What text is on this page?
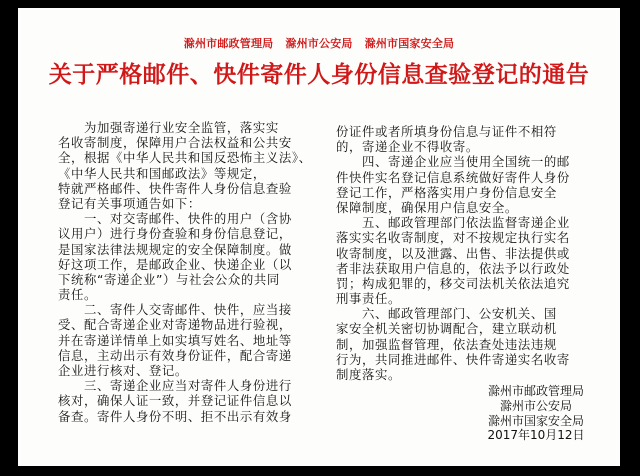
滁州市邮政管理局 滁州市公安局 滁州市国家安全局
关于严格邮件、快件寄件人身份信息查验登记的通告
　　为加强寄递行业安全监管，落实实
名收寄制度，保障用户合法权益和公共安
全，根据《中华人民共和国反恐怖主义法》、
《中华人民共和国邮政法》等规定，
特就严格邮件、快件寄件人身份信息查验
登记有关事项通告如下：
　　一、对交寄邮件、快件的用户（含协
议用户）进行身份查验和身份信息登记，
是国家法律法规规定的安全保障制度。做
好这项工作，是邮政企业、快递企业（以
下统称“寄递企业”）与社会公众的共同
责任。
　　二、寄件人交寄邮件、快件，应当接
受、配合寄递企业对寄递物品进行验视，
并在寄递详情单上如实填写姓名、地址等
信息，主动出示有效身份证件，配合寄递
企业进行核对、登记。
　　三、寄递企业应当对寄件人身份进行
核对，确保人证一致，并登记证件信息以
备查。寄件人身份不明、拒不出示有效身
份证件或者所填身份信息与证件不相符
的，寄递企业不得收寄。
　　四、寄递企业应当使用全国统一的邮
件快件实名登记信息系统做好寄件人身份
登记工作，严格落实用户身份信息安全
保障制度，确保用户信息安全。
　　五、邮政管理部门依法监督寄递企业
落实实名收寄制度，对不按规定执行实名
收寄制度，以及泄露、出售、非法提供或
者非法获取用户信息的，依法予以行政处
罚；构成犯罪的，移交司法机关依法追究
刑事责任。
　　六、邮政管理部门、公安机关、国
家安全机关密切协调配合，建立联动机
制，加强监督管理，依法查处违法违规
行为，共同推进邮件、快件寄递实名收寄
制度落实。
滁州市邮政管理局
滁州市公安局
滁州市国家安全局
2017年10月12日
